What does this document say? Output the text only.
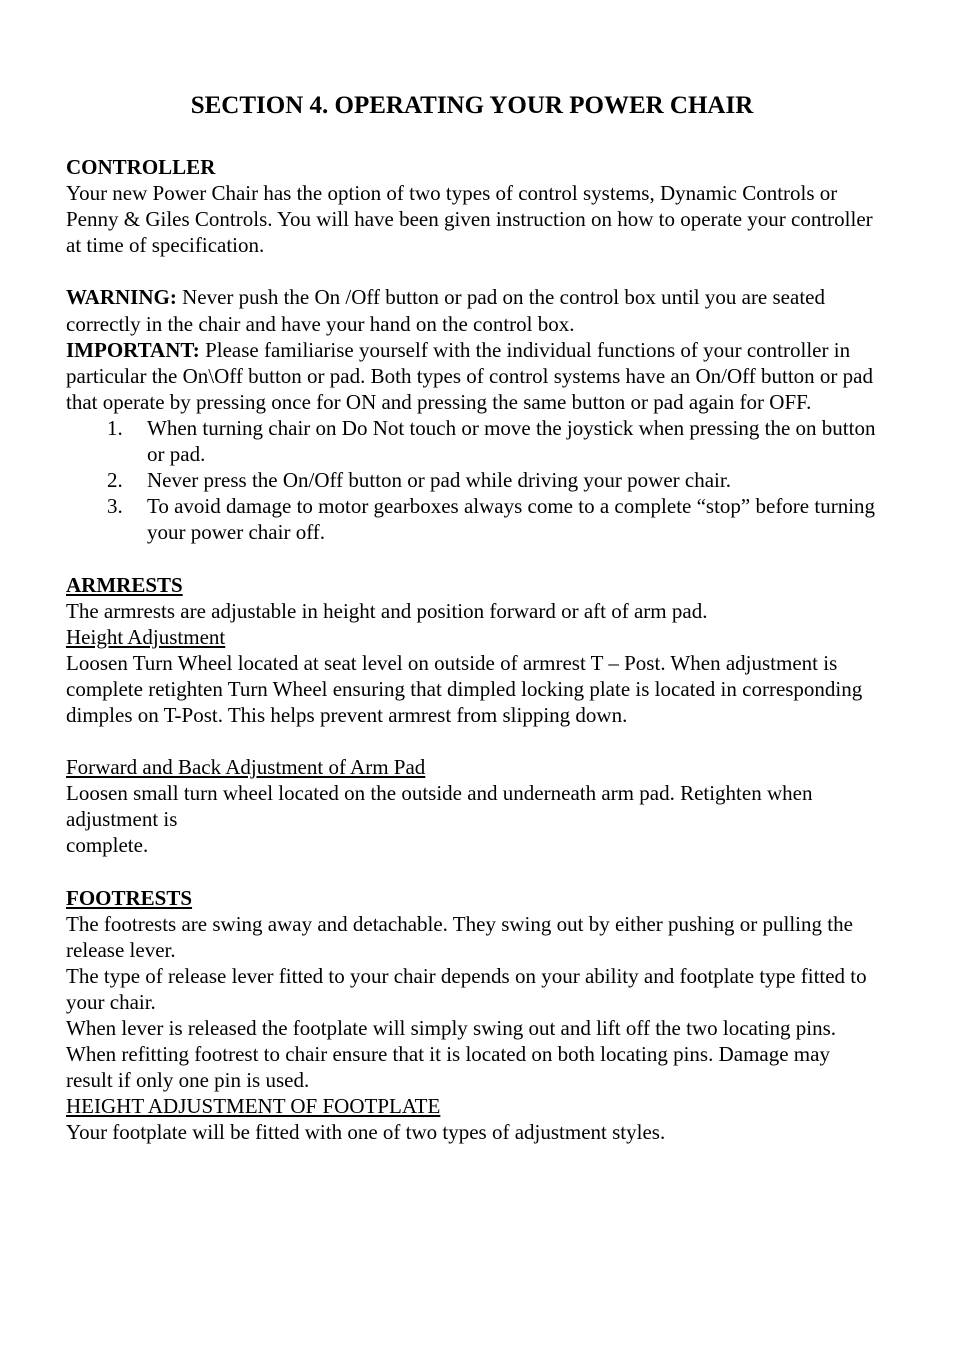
SECTION 4. OPERATING YOUR POWER CHAIR

CONTROLLER

Your new Power Chair has the option of two types of control systems, Dynamic Controls or Penny & Giles Controls. You will have been given instruction on how to operate your controller at time of specification.

WARNING: Never push the On /Off button or pad on the control box until you are seated correctly in the chair and have your hand on the control box.

IMPORTANT: Please familiarise yourself with the individual functions of your controller in particular the On\Off button or pad. Both types of control systems have an On/Off button or pad that operate by pressing once for ON and pressing the same button or pad again for OFF.

1. When turning chair on Do Not touch or move the joystick when pressing the on button or pad.
2. Never press the On/Off button or pad while driving your power chair.
3. To avoid damage to motor gearboxes always come to a complete “stop” before turning your power chair off.

ARMRESTS

The armrests are adjustable in height and position forward or aft of arm pad.

Height Adjustment

Loosen Turn Wheel located at seat level on outside of armrest T – Post. When adjustment is complete retighten Turn Wheel ensuring that dimpled locking plate is located in corresponding dimples on T-Post. This helps prevent armrest from slipping down.

Forward and Back Adjustment of Arm Pad

Loosen small turn wheel located on the outside and underneath arm pad. Retighten when adjustment is

complete.

FOOTRESTS

The footrests are swing away and detachable. They swing out by either pushing or pulling the release lever.

The type of release lever fitted to your chair depends on your ability and footplate type fitted to your chair.

When lever is released the footplate will simply swing out and lift off the two locating pins.

When refitting footrest to chair ensure that it is located on both locating pins. Damage may result if only one pin is used.

HEIGHT ADJUSTMENT OF FOOTPLATE

Your footplate will be fitted with one of two types of adjustment styles.
